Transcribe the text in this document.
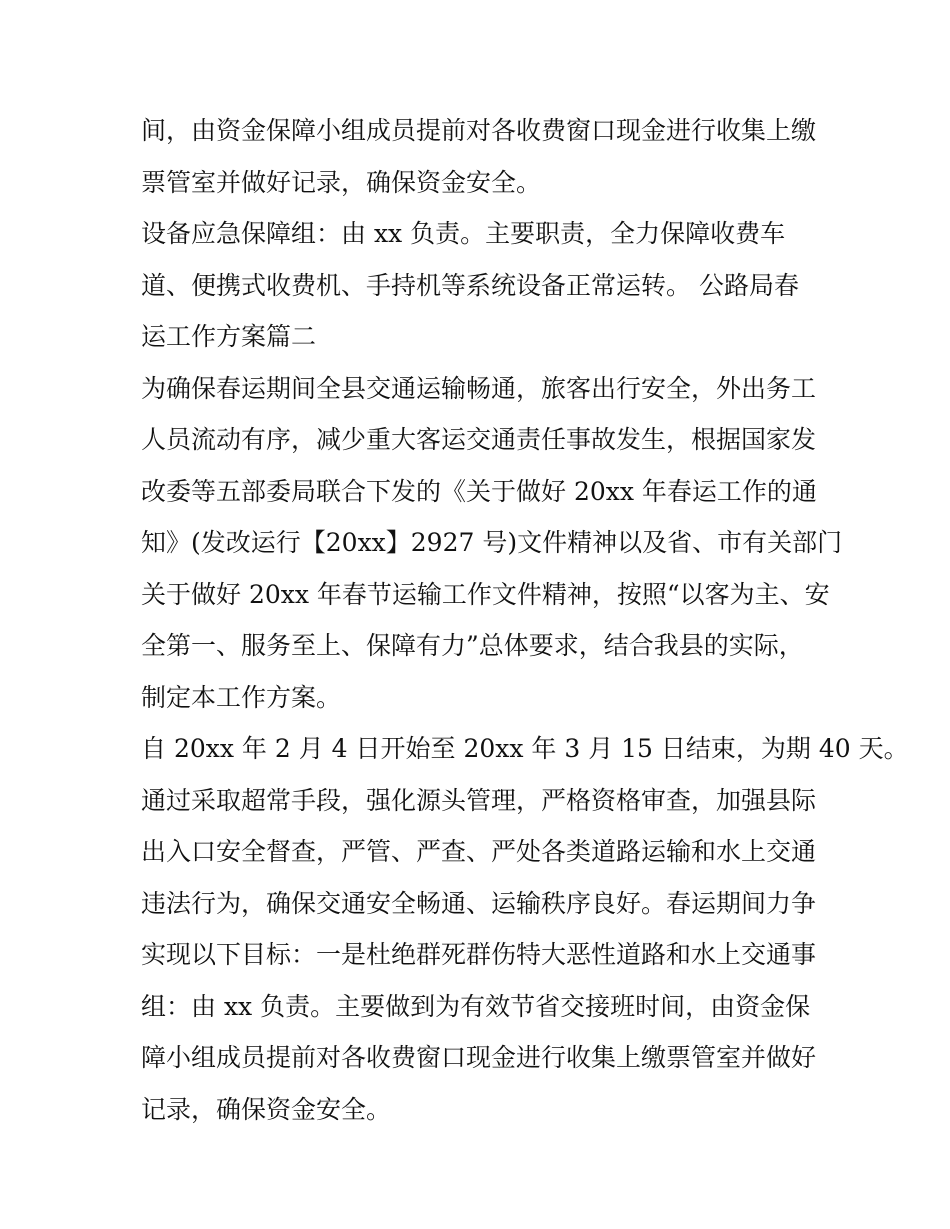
间，由资金保障小组成员提前对各收费窗口现金进行收集上缴
票管室并做好记录，确保资金安全。
设备应急保障组：由 xx 负责。主要职责，全力保障收费车
道、便携式收费机、手持机等系统设备正常运转。 公路局春
运工作方案篇二
为确保春运期间全县交通运输畅通，旅客出行安全，外出务工
人员流动有序，减少重大客运交通责任事故发生，根据国家发
改委等五部委局联合下发的《关于做好 20xx 年春运工作的通
知》(发改运行【20xx】2927 号)文件精神以及省、市有关部门
关于做好 20xx 年春节运输工作文件精神，按照“以客为主、安
全第一、服务至上、保障有力”总体要求，结合我县的实际，
制定本工作方案。
自 20xx 年 2 月 4 日开始至 20xx 年 3 月 15 日结束，为期 40 天。
通过采取超常手段，强化源头管理，严格资格审查，加强县际
出入口安全督查，严管、严查、严处各类道路运输和水上交通
违法行为，确保交通安全畅通、运输秩序良好。春运期间力争
实现以下目标：一是杜绝群死群伤特大恶性道路和水上交通事
组：由 xx 负责。主要做到为有效节省交接班时间，由资金保
障小组成员提前对各收费窗口现金进行收集上缴票管室并做好
记录，确保资金安全。
